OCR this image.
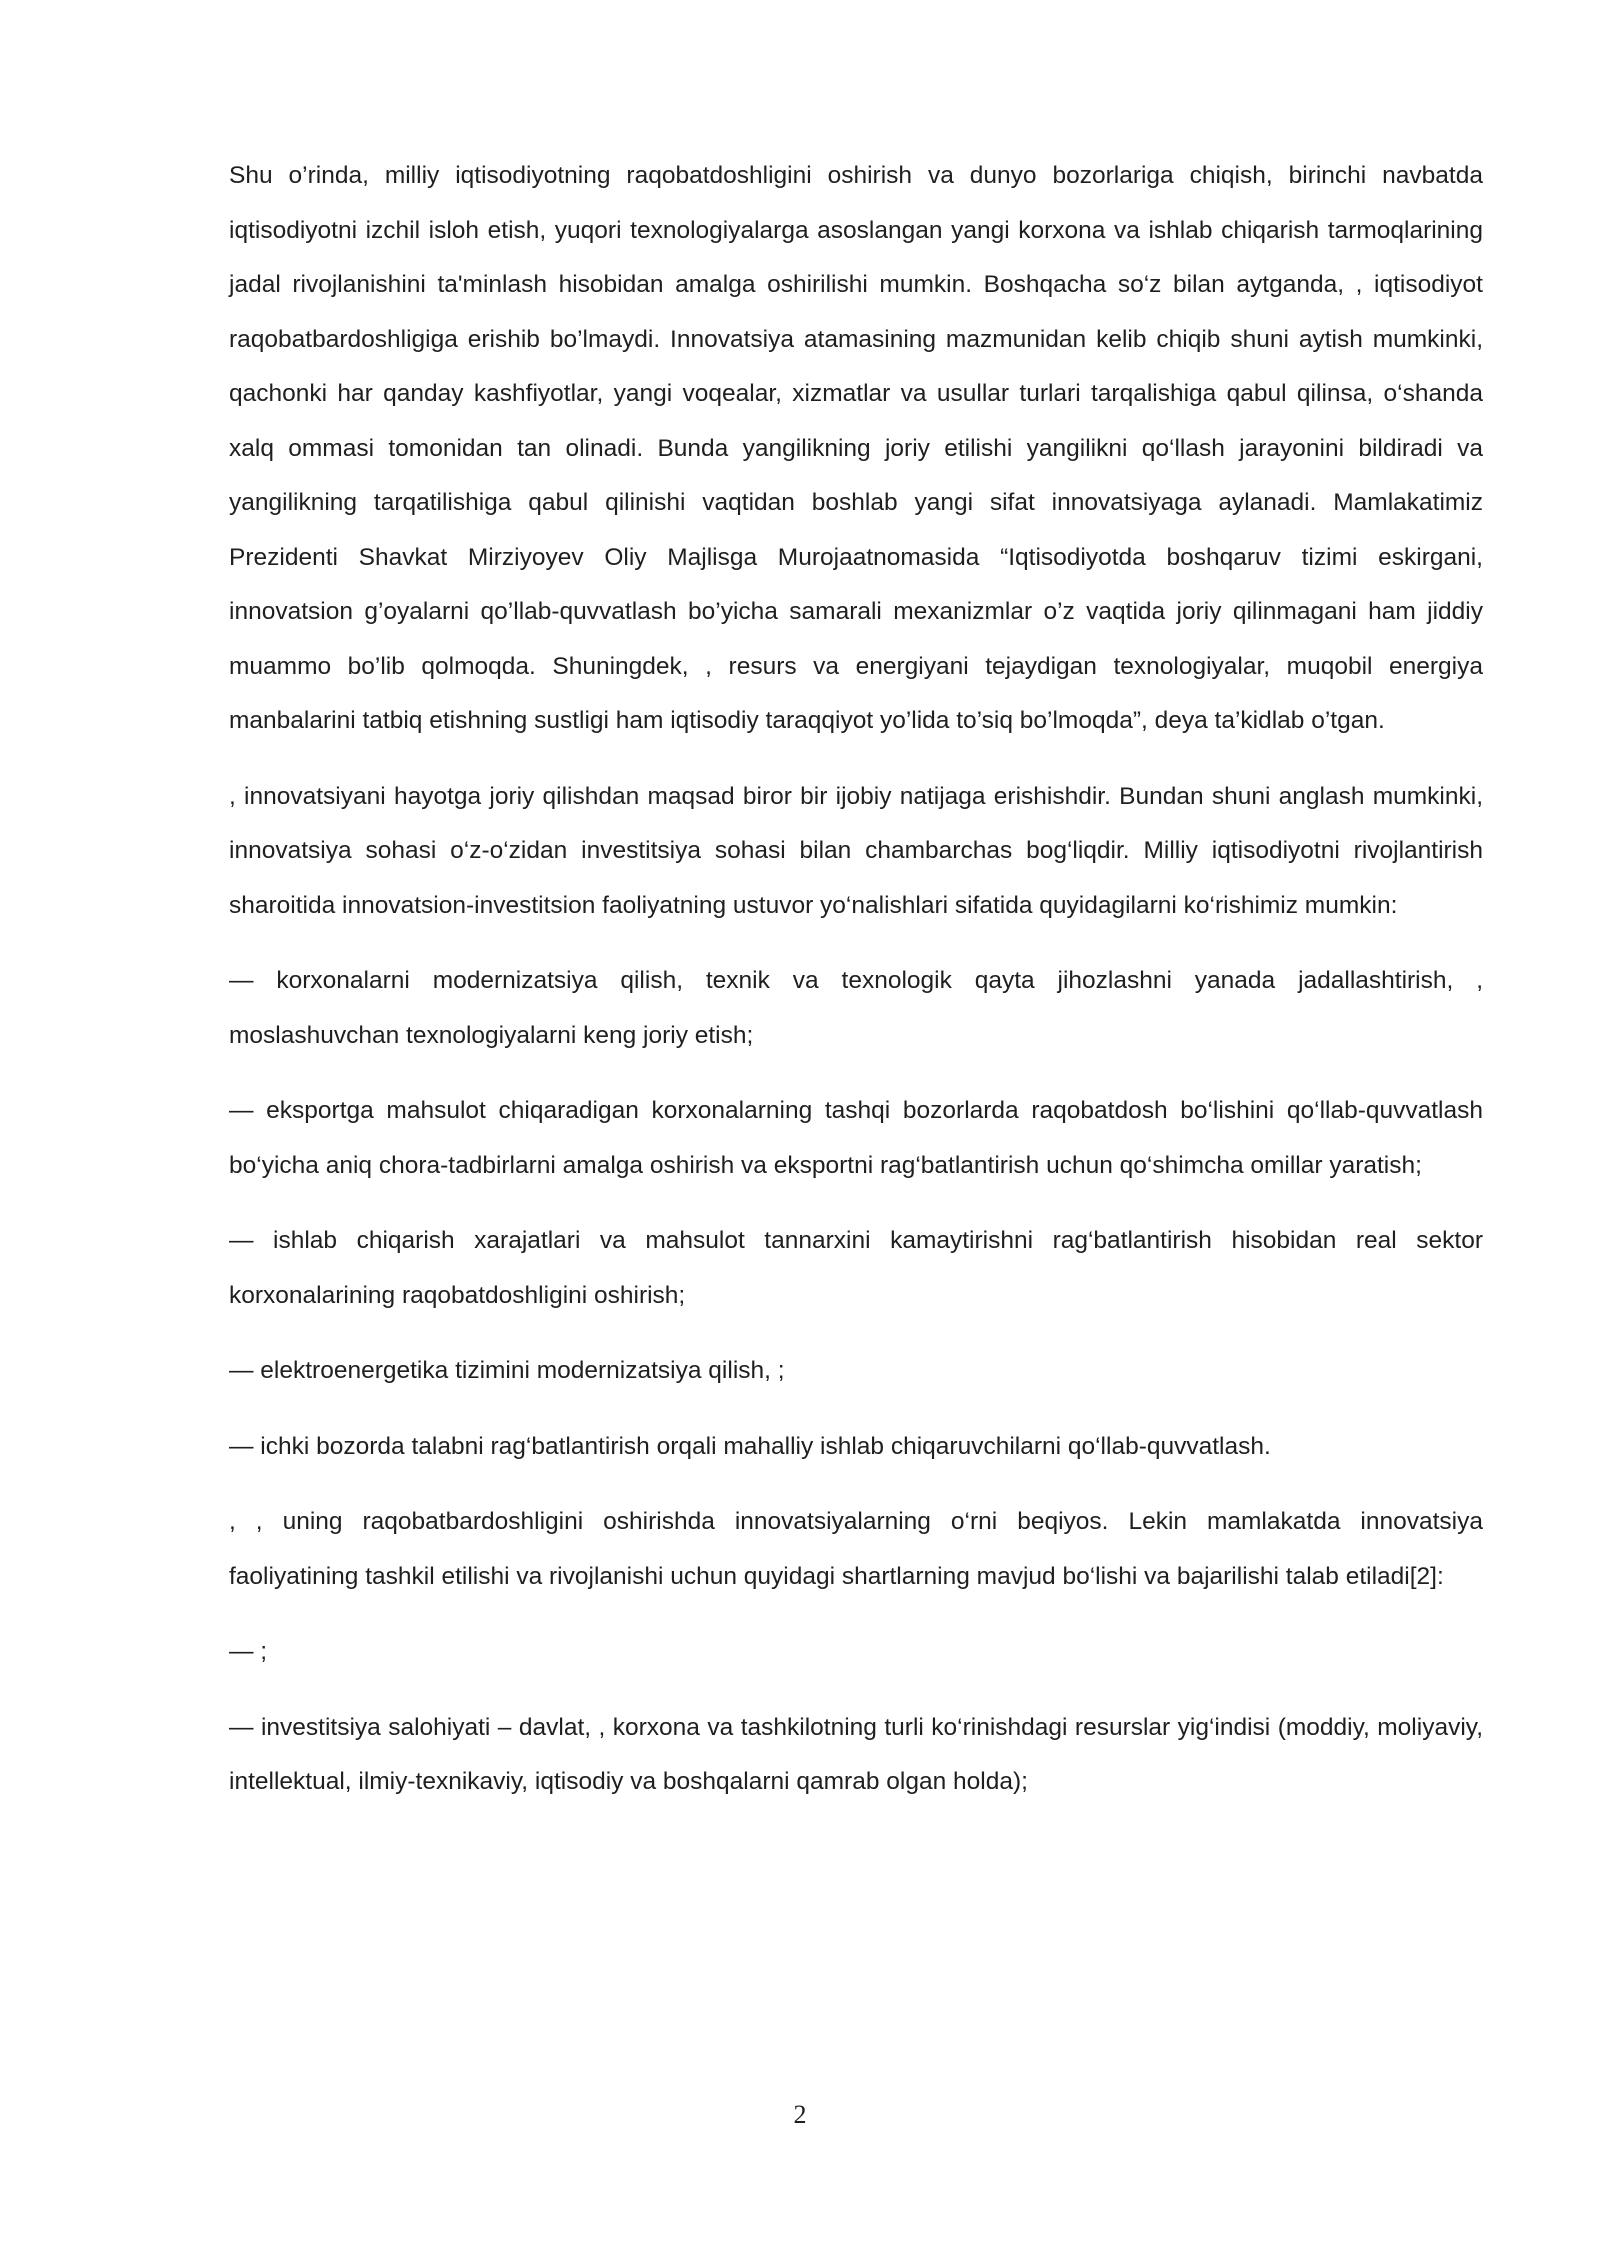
Shu o’rinda, milliy iqtisodiyotning raqobatdoshligini oshirish va dunyo bozorlariga chiqish, birinchi navbatda iqtisodiyotni izchil isloh etish, yuqori texnologiyalarga asoslangan yangi korxona va ishlab chiqarish tarmoqlarining jadal rivojlanishini ta'minlash hisobidan amalga oshirilishi mumkin. Boshqacha so‘z bilan aytganda, , iqtisodiyot raqobatbardoshligiga erishib bo’lmaydi. Innovatsiya atamasining mazmunidan kelib chiqib shuni aytish mumkinki, qachonki har qanday kashfiyotlar, yangi voqealar, xizmatlar va usullar turlari tarqalishiga qabul qilinsa, o‘shanda xalq ommasi tomonidan tan olinadi. Bunda yangilikning joriy etilishi yangilikni qo‘llash jarayonini bildiradi va yangilikning tarqatilishiga qabul qilinishi vaqtidan boshlab yangi sifat innovatsiyaga aylanadi. Mamlakatimiz Prezidenti Shavkat Mirziyoyev Oliy Majlisga Murojaatnomasida “Iqtisodiyotda boshqaruv tizimi eskirgani, innovatsion g’oyalarni qo’llab-quvvatlash bo’yicha samarali mexanizmlar o’z vaqtida joriy qilinmagani ham jiddiy muammo bo’lib qolmoqda. Shuningdek, , resurs va energiyani tejaydigan texnologiyalar, muqobil energiya manbalarini tatbiq etishning sustligi ham iqtisodiy taraqqiyot yo’lida to’siq bo’lmoqda”, deya ta’kidlab o’tgan.

, innovatsiyani hayotga joriy qilishdan maqsad biror bir ijobiy natijaga erishishdir. Bundan shuni anglash mumkinki, innovatsiya sohasi o‘z-o‘zidan investitsiya sohasi bilan chambarchas bog‘liqdir. Milliy iqtisodiyotni rivojlantirish sharoitida innovatsion-investitsion faoliyatning ustuvor yo‘nalishlari sifatida quyidagilarni ko‘rishimiz mumkin:

— korxonalarni modernizatsiya qilish, texnik va texnologik qayta jihozlashni yanada jadallashtirish, , moslashuvchan texnologiyalarni keng joriy etish;

— eksportga mahsulot chiqaradigan korxonalarning tashqi bozorlarda raqobatdosh bo‘lishini qo‘llab-quvvatlash bo‘yicha aniq chora-tadbirlarni amalga oshirish va eksportni rag‘batlantirish uchun qo‘shimcha omillar yaratish;

— ishlab chiqarish xarajatlari va mahsulot tannarxini kamaytirishni rag‘batlantirish hisobidan real sektor korxonalarining raqobatdoshligini oshirish;

— elektroenergetika tizimini modernizatsiya qilish, ;

— ichki bozorda talabni rag‘batlantirish orqali mahalliy ishlab chiqaruvchilarni qo‘llab-quvvatlash.

, , uning raqobatbardoshligini oshirishda innovatsiyalarning o‘rni beqiyos. Lekin mamlakatda innovatsiya faoliyatining tashkil etilishi va rivojlanishi uchun quyidagi shartlarning mavjud bo‘lishi va bajarilishi talab etiladi[2]:

— ;

— investitsiya salohiyati – davlat, , korxona va tashkilotning turli ko‘rinishdagi resurslar yig‘indisi (moddiy, moliyaviy, intellektual, ilmiy-texnikaviy, iqtisodiy va boshqalarni qamrab olgan holda);

2
